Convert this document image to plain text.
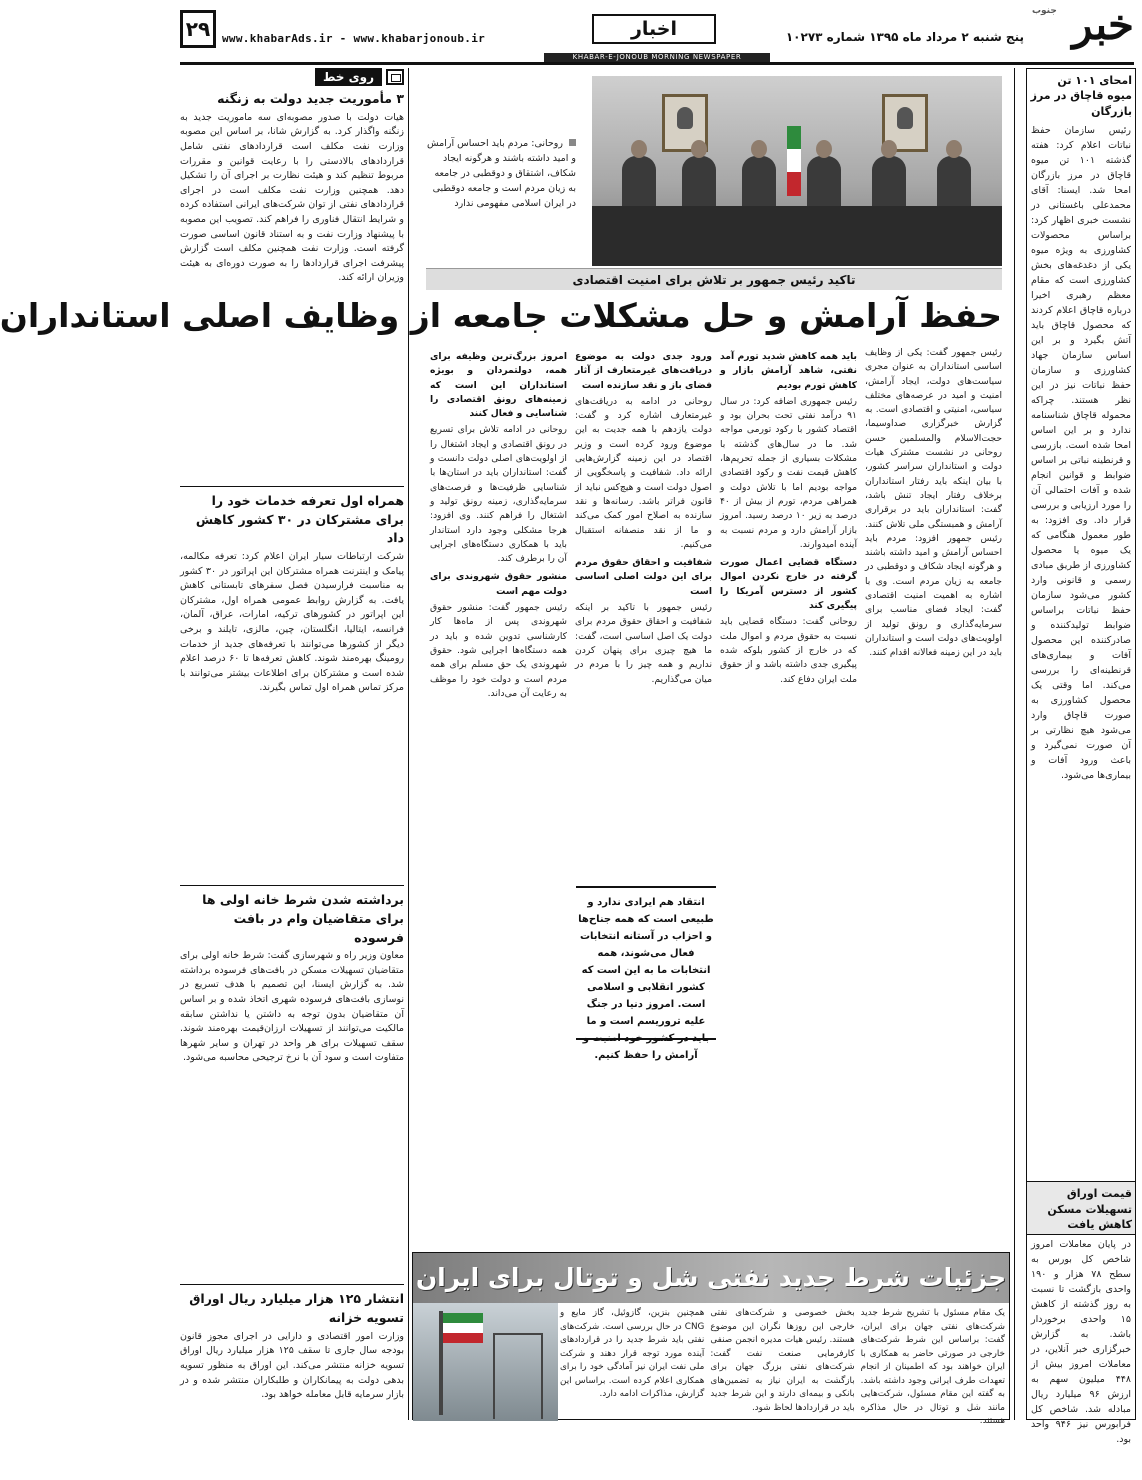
۲۹	www.khabarAds.ir - www.khabarjonoub.ir	اخبار	پنج شنبه ۲ مرداد ماه ۱۳۹۵ شماره ۱۰۲۷۳	خبر
جنوب
KHABAR-E-JONOUB MORNING NEWSPAPER
امحای ۱۰۱ تن میوه قاچاق در مرز بازرگان
رئیس سازمان حفظ نباتات اعلام کرد: هفته گذشته ۱۰۱ تن میوه قاچاق در مرز بازرگان امحا شد. ایسنا: آقای محمدعلی باغستانی در نشست خبری اظهار کرد: براساس محصولات کشاورزی به ویژه میوه یکی از دغدغه‌های بخش کشاورزی است که مقام معظم رهبری اخیرا درباره قاچاق اعلام کردند که محصول قاچاق باید آتش بگیرد و بر این اساس سازمان جهاد کشاورزی و سازمان حفظ نباتات نیز در این نظر هستند. چراکه محموله قاچاق شناسنامه ندارد و بر این اساس امحا شده است. بازرسی و قرنطینه نباتی بر اساس ضوابط و قوانین انجام شده و آفات احتمالی آن را مورد ارزیابی و بررسی قرار داد. وی افزود: به طور معمول هنگامی که یک میوه یا محصول کشاورزی از طریق مبادی رسمی و قانونی وارد کشور می‌شود سازمان حفظ نباتات براساس ضوابط تولیدکننده و صادرکننده این محصول آفات و بیماری‌های قرنطینه‌ای را بررسی می‌کند. اما وقتی یک محصول کشاورزی به صورت قاچاق وارد می‌شود هیچ نظارتی بر آن صورت نمی‌گیرد و باعث ورود آفات و بیماری‌ها می‌شود.
قیمت اوراق تسهیلات مسکن کاهش یافت
در پایان معاملات امروز شاخص کل بورس به سطح ۷۸ هزار و ۱۹۰ واحدی بازگشت تا نسبت به روز گذشته از کاهش ۱۵ واحدی برخوردار باشد. به گزارش خبرگزاری خبر آنلاین، در معاملات امروز بیش از ۴۴۸ میلیون سهم به ارزش ۹۶ میلیارد ریال مبادله شد. شاخص کل فرابورس نیز ۹۴۶ واحد بود.
روی خط
۳ مأموریت جدید دولت به زنگنه
هیات دولت با صدور مصوبه‌ای سه ماموریت جدید به زنگنه واگذار کرد. به گزارش شانا، بر اساس این مصوبه وزارت نفت مکلف است قراردادهای نفتی شامل قراردادهای بالادستی را با رعایت قوانین و مقررات مربوط تنظیم کند و هیئت نظارت بر اجرای آن را تشکیل دهد. همچنین وزارت نفت مکلف است در اجرای قراردادهای نفتی از توان شرکت‌های ایرانی استفاده کرده و شرایط انتقال فناوری را فراهم کند. تصویب این مصوبه با پیشنهاد وزارت نفت و به استناد قانون اساسی صورت گرفته است. وزارت نفت همچنین مکلف است گزارش پیشرفت اجرای قراردادها را به صورت دوره‌ای به هیئت وزیران ارائه کند.
همراه اول تعرفه خدمات خود را برای مشترکان در ۳۰ کشور کاهش داد
شرکت ارتباطات سیار ایران اعلام کرد: تعرفه مکالمه، پیامک و اینترنت همراه مشترکان این اپراتور در ۳۰ کشور به مناسبت فرارسیدن فصل سفرهای تابستانی کاهش یافت. به گزارش روابط عمومی همراه اول، مشترکان این اپراتور در کشورهای ترکیه، امارات، عراق، آلمان، فرانسه، ایتالیا، انگلستان، چین، مالزی، تایلند و برخی دیگر از کشورها می‌توانند با تعرفه‌های جدید از خدمات رومینگ بهره‌مند شوند. کاهش تعرفه‌ها تا ۶۰ درصد اعلام شده است و مشترکان برای اطلاعات بیشتر می‌توانند با مرکز تماس همراه اول تماس بگیرند.
برداشته شدن شرط خانه اولی ها برای متقاضیان وام در بافت فرسوده
معاون وزیر راه و شهرسازی گفت: شرط خانه اولی برای متقاضیان تسهیلات مسکن در بافت‌های فرسوده برداشته شد. به گزارش ایسنا، این تصمیم با هدف تسریع در نوسازی بافت‌های فرسوده شهری اتخاذ شده و بر اساس آن متقاضیان بدون توجه به داشتن یا نداشتن سابقه مالکیت می‌توانند از تسهیلات ارزان‌قیمت بهره‌مند شوند. سقف تسهیلات برای هر واحد در تهران و سایر شهرها متفاوت است و سود آن با نرخ ترجیحی محاسبه می‌شود.
انتشار ۱۲۵ هزار میلیارد ریال اوراق تسویه خزانه
وزارت امور اقتصادی و دارایی در اجرای مجوز قانون بودجه سال جاری تا سقف ۱۲۵ هزار میلیارد ریال اوراق تسویه خزانه منتشر می‌کند. این اوراق به منظور تسویه بدهی دولت به پیمانکاران و طلبکاران منتشر شده و در بازار سرمایه قابل معامله خواهد بود.
روحانی: مردم باید احساس آرامش و امید داشته باشند و هرگونه ایجاد شکاف، اشتقاق و دوقطبی در جامعه به زیان مردم است و جامعه دوقطبی در ایران اسلامی مفهومی ندارد
تاکید رئیس جمهور بر تلاش برای امنیت اقتصادی
حفظ آرامش و حل مشکلات جامعه از وظایف اصلی استانداران
رئیس جمهور گفت: یکی از وظایف اساسی استانداران به عنوان مجری سیاست‌های دولت، ایجاد آرامش، امنیت و امید در عرصه‌های مختلف سیاسی، امنیتی و اقتصادی است. به گزارش خبرگزاری صداوسیما، حجت‌الاسلام والمسلمین حسن روحانی در نشست مشترک هیات دولت و استانداران سراسر کشور، با بیان اینکه باید رفتار استانداران برخلاف رفتار ایجاد تنش باشد، گفت: استانداران باید در برقراری آرامش و همبستگی ملی تلاش کنند. رئیس جمهور افزود: مردم باید احساس آرامش و امید داشته باشند و هرگونه ایجاد شکاف و دوقطبی در جامعه به زیان مردم است. وی با اشاره به اهمیت امنیت اقتصادی گفت: ایجاد فضای مناسب برای سرمایه‌گذاری و رونق تولید از اولویت‌های دولت است و استانداران باید در این زمینه فعالانه اقدام کنند.
باید همه کاهش شدید تورم آمد نفتی، شاهد آرامش بازار و کاهش تورم بودیم
رئیس جمهوری اضافه کرد: در سال ۹۱ درآمد نفتی تحت بحران بود و اقتصاد کشور با رکود تورمی مواجه شد. ما در سال‌های گذشته با مشکلات بسیاری از جمله تحریم‌ها، کاهش قیمت نفت و رکود اقتصادی مواجه بودیم اما با تلاش دولت و همراهی مردم، تورم از بیش از ۴۰ درصد به زیر ۱۰ درصد رسید. امروز بازار آرامش دارد و مردم نسبت به آینده امیدوارند.
دستگاه قضایی اعمال صورت گرفته در خارج نکردن اموال کشور از دسترس آمریکا را پیگیری کند
روحانی گفت: دستگاه قضایی باید نسبت به حقوق مردم و اموال ملت که در خارج از کشور بلوکه شده پیگیری جدی داشته باشد و از حقوق ملت ایران دفاع کند.
ورود جدی دولت به موضوع دریافت‌های غیرمتعارف از آثار فضای باز و نقد سازنده است
روحانی در ادامه به دریافت‌های غیرمتعارف اشاره کرد و گفت: دولت یازدهم با همه جدیت به این موضوع ورود کرده است و وزیر اقتصاد در این زمینه گزارش‌هایی ارائه داد. شفافیت و پاسخگویی از اصول دولت است و هیچ‌کس نباید از قانون فراتر باشد. رسانه‌ها و نقد سازنده به اصلاح امور کمک می‌کند و ما از نقد منصفانه استقبال می‌کنیم.
شفافیت و احقاق حقوق مردم برای این دولت اصلی اساسی است
رئیس جمهور با تاکید بر اینکه شفافیت و احقاق حقوق مردم برای دولت یک اصل اساسی است، گفت: ما هیچ چیزی برای پنهان کردن نداریم و همه چیز را با مردم در میان می‌گذاریم.
امروز بزرگ‌ترین وظیفه برای همه، دولتمردان و بویژه استانداران این است که زمینه‌های رونق اقتصادی را شناسایی و فعال کنند
روحانی در ادامه تلاش برای تسریع در رونق اقتصادی و ایجاد اشتغال را از اولویت‌های اصلی دولت دانست و گفت: استانداران باید در استان‌ها با شناسایی ظرفیت‌ها و فرصت‌های سرمایه‌گذاری، زمینه رونق تولید و اشتغال را فراهم کنند. وی افزود: هرجا مشکلی وجود دارد استاندار باید با همکاری دستگاه‌های اجرایی آن را برطرف کند.
منشور حقوق شهروندی برای دولت مهم است
رئیس جمهور گفت: منشور حقوق شهروندی پس از ماه‌ها کار کارشناسی تدوین شده و باید در همه دستگاه‌ها اجرایی شود. حقوق شهروندی یک حق مسلم برای همه مردم است و دولت خود را موظف به رعایت آن می‌داند.
انتقاد هم ایرادی ندارد و طبیعی است که همه جناح‌ها و احزاب در آستانه انتخابات فعال می‌شوند، همه انتخابات ما به این است که کشور انقلابی و اسلامی است. امروز دنیا در جنگ علیه تروریسم است و ما باید در کشور خود امنیت و آرامش را حفظ کنیم.
جزئیات شرط جدید نفتی شل و توتال برای ایران
یک مقام مسئول با تشریح شرط جدید شرکت‌های نفتی جهان برای ایران، گفت: براساس این شرط شرکت‌های خارجی در صورتی حاضر به همکاری با ایران خواهند بود که اطمینان از انجام تعهدات طرف ایرانی وجود داشته باشد. به گفته این مقام مسئول، شرکت‌هایی مانند شل و توتال در حال مذاکره هستند.
بخش خصوصی و شرکت‌های نفتی خارجی این روزها نگران این موضوع هستند. رئیس هیات مدیره انجمن صنفی کارفرمایی صنعت نفت گفت: شرکت‌های نفتی بزرگ جهان برای بازگشت به ایران نیاز به تضمین‌های بانکی و بیمه‌ای دارند و این شرط جدید باید در قراردادها لحاظ شود.
همچنین بنزین، گازوئیل، گاز مایع و CNG در حال بررسی است. شرکت‌های نفتی باید شرط جدید را در قراردادهای آینده مورد توجه قرار دهند و شرکت ملی نفت ایران نیز آمادگی خود را برای همکاری اعلام کرده است. براساس این گزارش، مذاکرات ادامه دارد.
